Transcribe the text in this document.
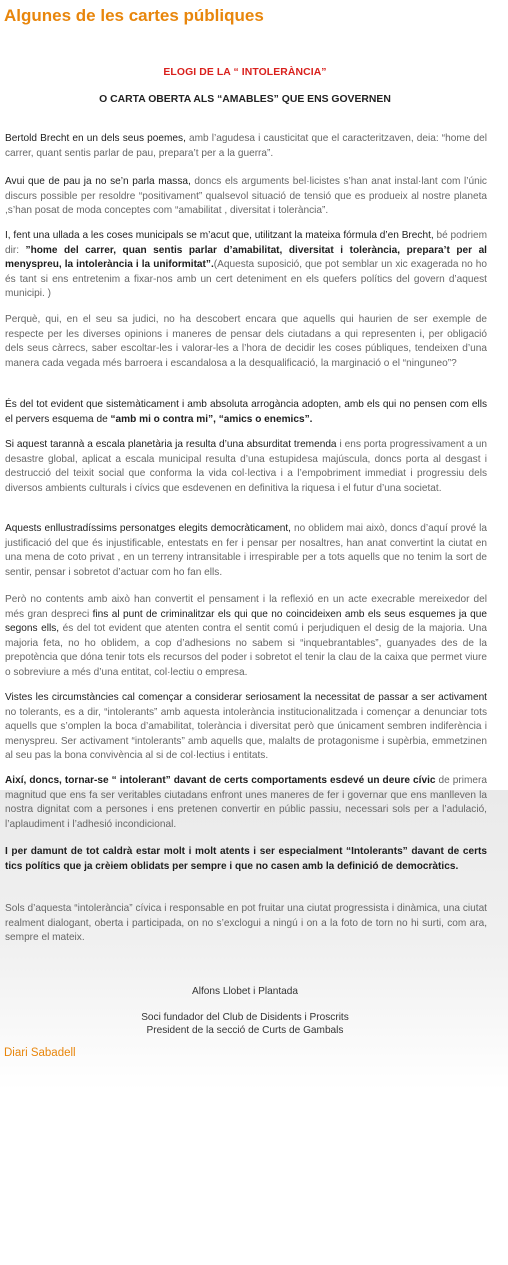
Algunes de les cartes públiques
ELOGI DE LA “ INTOLERÀNCIA”
O CARTA OBERTA ALS “AMABLES” QUE ENS GOVERNEN

Bertold Brecht en un dels seus poemes, amb l’agudesa i causticitat que el caracteritzaven, deia: “home del carrer, quant sentis parlar de pau, prepara’t per a la guerra”.

Avui que de pau ja no se’n parla massa, doncs els arguments bel·licistes s’han anat instal·lant com l’únic discurs possible per resoldre “positivament” qualsevol situació de tensió que es produeix al nostre planeta ,s’han posat de moda conceptes com “amabilitat , diversitat i tolerància”.

I, fent una ullada a les coses municipals se m’acut que, utilitzant la mateixa fórmula d’en Brecht, bé podriem dir: ”home del carrer, quan sentis parlar d’amabilitat, diversitat i tolerància, prepara’t per al menyspreu, la intolerància i la uniformitat”.(Aquesta suposició, que pot semblar un xic exagerada no ho és tant si ens entretenim a fixar-nos amb un cert deteniment en els quefers polítics del govern d’aquest municipi. )

Perquè, qui, en el seu sa judici, no ha descobert encara que aquells qui haurien de ser exemple de respecte per les diverses opinions i maneres de pensar dels ciutadans a qui representen i, per obligació dels seus càrrecs, saber escoltar-les i valorar-les a l’hora de decidir les coses públiques, tendeixen d’una manera cada vegada més barroera i escandalosa a la desqualificació, la marginació o el “ninguneo”?

És del tot evident que sistemàticament i amb absoluta arrogància adopten, amb els qui no pensen com ells el pervers esquema de “amb mi o contra mi”, “amics o enemics”.

Si aquest tarannà a escala planetària ja resulta d’una absurditat tremenda i ens porta progressivament a un desastre global, aplicat a escala municipal resulta d’una estupidesa majúscula, doncs porta al desgast i destrucció del teixit social que conforma la vida col·lectiva i a l’empobriment immediat i progressiu dels diversos ambients culturals i cívics que esdevenen en definitiva la riquesa i el futur d’una societat.

Aquests enllustradíssims personatges elegits democràticament, no oblidem mai això, doncs d’aquí prové la justificació del que és injustificable, entestats en fer i pensar per nosaltres, han anat convertint la ciutat en una mena de coto privat , en un terreny intransitable i irrespirable per a tots aquells que no tenim la sort de sentir, pensar i sobretot d’actuar com ho fan ells.

Però no contents amb això han convertit el pensament i la reflexió en un acte execrable mereixedor del més gran despreci fins al punt de criminalitzar els qui que no coincideixen amb els seus esquemes ja que segons ells, és del tot evident que atenten contra el sentit comú i perjudiquen el desig de la majoria. Una majoria feta, no ho oblidem, a cop d’adhesions no sabem si “inquebrantables”, guanyades des de la prepotència que dóna tenir tots els recursos del poder i sobretot el tenir la clau de la caixa que permet viure o sobreviure a més d’una entitat, col·lectiu o empresa.

Vistes les circumstàncies cal començar a considerar seriosament la necessitat de passar a ser activament no tolerants, es a dir, “intolerants” amb aquesta intolerància institucionalitzada i començar a denunciar tots aquells que s’omplen la boca d’amabilitat, tolerància i diversitat però que únicament sembren indiferència i menyspreu. Ser activament “intolerants” amb aquells que, malalts de protagonisme i supèrbia, emmetzinen al seu pas la bona convivència al si de col·lectius i entitats.

Així, doncs, tornar-se “ intolerant” davant de certs comportaments esdevé un deure cívic de primera magnitud que ens fa ser veritables ciutadans enfront unes maneres de fer i governar que ens manlleven la nostra dignitat com a persones i ens pretenen convertir en públic passiu, necessari sols per a l’adulació, l’aplaudiment i l’adhesió incondicional.

I per damunt de tot caldrà estar molt i molt atents i ser especialment “Intolerants” davant de certs tics polítics que ja crèiem oblidats per sempre i que no casen amb la definició de democràtics.

Sols d’aquesta “intolerància” cívica i responsable en pot fruitar una ciutat progressista i dinàmica, una ciutat realment dialogant, oberta i participada, on no s’exclogui a ningú i on a la foto de torn no hi surti, com ara, sempre el mateix.

Alfons Llobet i Plantada
Soci fundador del Club de Disidents i Proscrits
President de la secció de Curts de Gambals
Diari Sabadell
